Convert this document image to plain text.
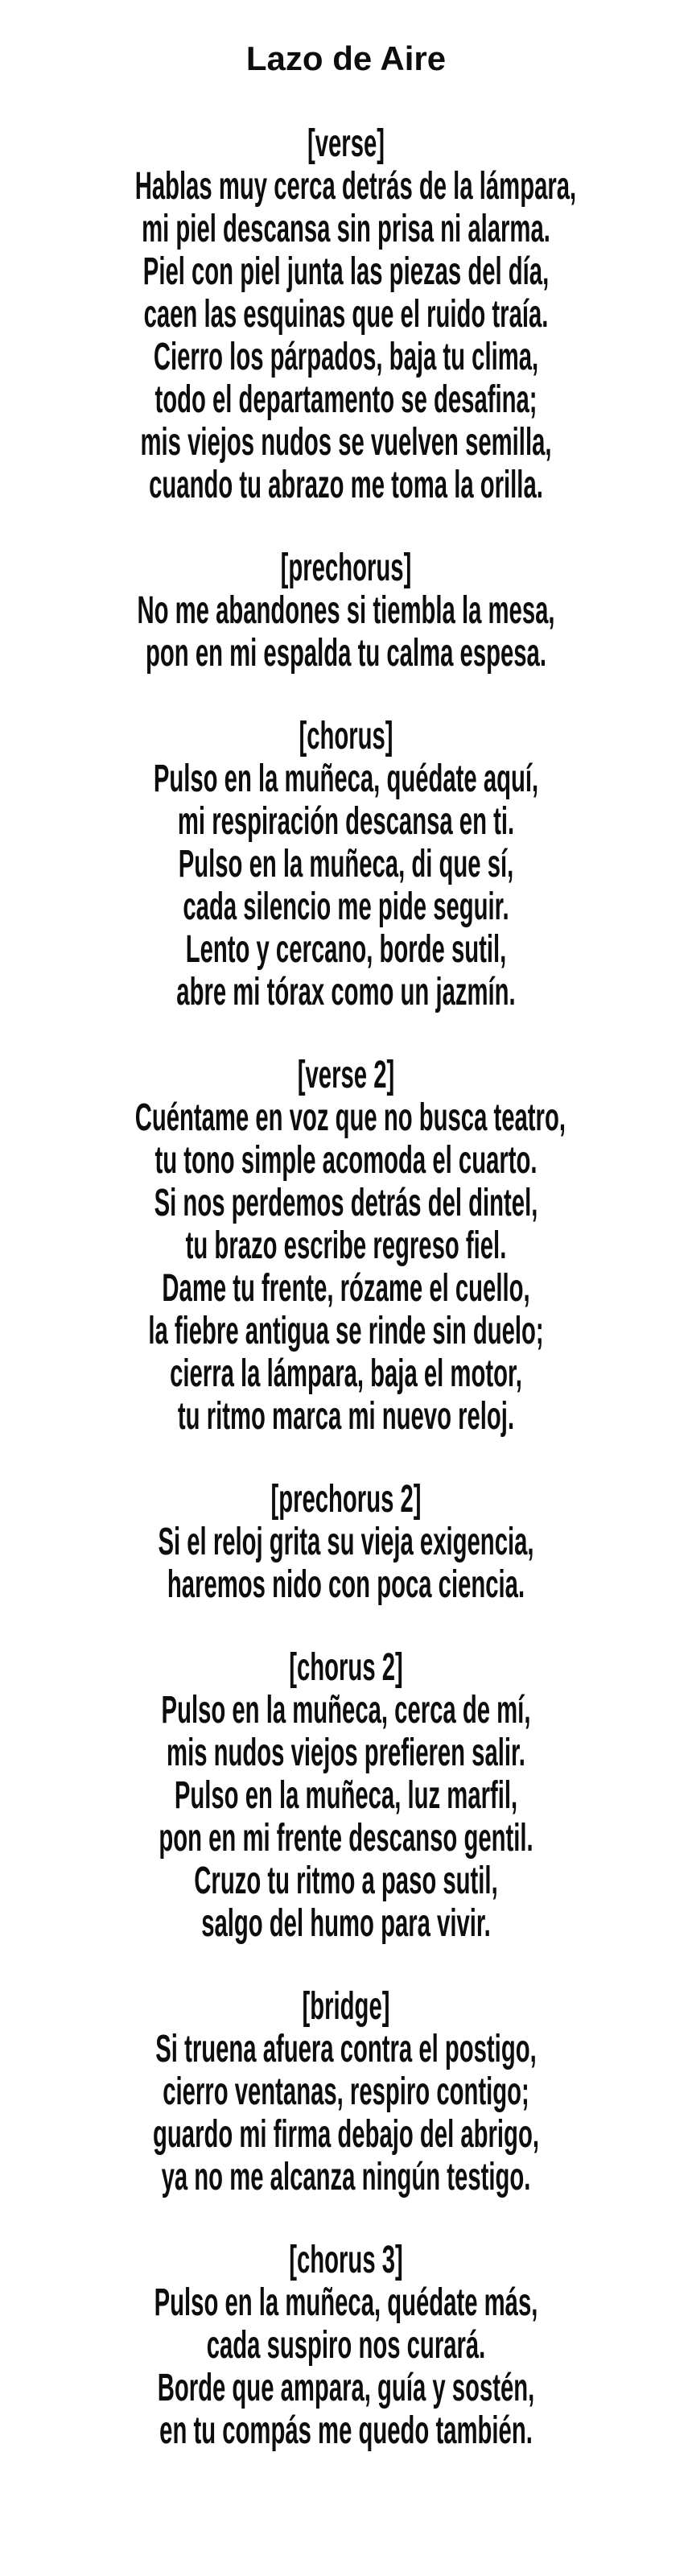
Lazo de Aire
[verse]
Hablas muy cerca detrás de la lámpara,
mi piel descansa sin prisa ni alarma.
Piel con piel junta las piezas del día,
caen las esquinas que el ruido traía.
Cierro los párpados, baja tu clima,
todo el departamento se desafina;
mis viejos nudos se vuelven semilla,
cuando tu abrazo me toma la orilla.
[prechorus]
No me abandones si tiembla la mesa,
pon en mi espalda tu calma espesa.
[chorus]
Pulso en la muñeca, quédate aquí,
mi respiración descansa en ti.
Pulso en la muñeca, di que sí,
cada silencio me pide seguir.
Lento y cercano, borde sutil,
abre mi tórax como un jazmín.
[verse 2]
Cuéntame en voz que no busca teatro,
tu tono simple acomoda el cuarto.
Si nos perdemos detrás del dintel,
tu brazo escribe regreso fiel.
Dame tu frente, rózame el cuello,
la fiebre antigua se rinde sin duelo;
cierra la lámpara, baja el motor,
tu ritmo marca mi nuevo reloj.
[prechorus 2]
Si el reloj grita su vieja exigencia,
haremos nido con poca ciencia.
[chorus 2]
Pulso en la muñeca, cerca de mí,
mis nudos viejos prefieren salir.
Pulso en la muñeca, luz marfil,
pon en mi frente descanso gentil.
Cruzo tu ritmo a paso sutil,
salgo del humo para vivir.
[bridge]
Si truena afuera contra el postigo,
cierro ventanas, respiro contigo;
guardo mi firma debajo del abrigo,
ya no me alcanza ningún testigo.
[chorus 3]
Pulso en la muñeca, quédate más,
cada suspiro nos curará.
Borde que ampara, guía y sostén,
en tu compás me quedo también.
